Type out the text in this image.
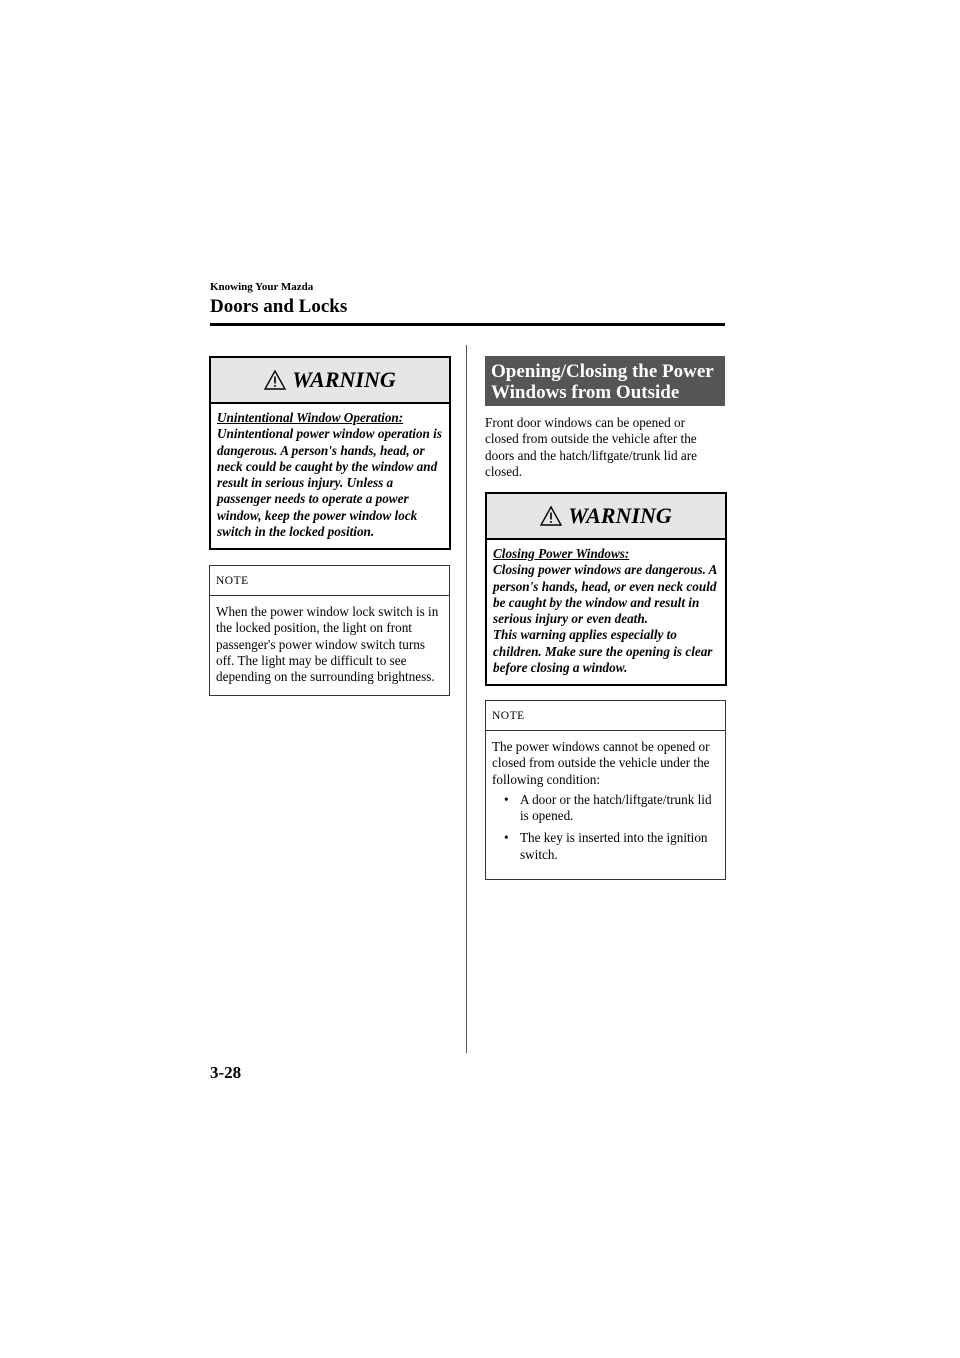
Knowing Your Mazda
Doors and Locks
WARNING
Unintentional Window Operation:
Unintentional power window operation is dangerous. A person's hands, head, or neck could be caught by the window and result in serious injury. Unless a passenger needs to operate a power window, keep the power window lock switch in the locked position.
NOTE
When the power window lock switch is in the locked position, the light on front passenger's power window switch turns off. The light may be difficult to see depending on the surrounding brightness.
Opening/Closing the Power Windows from Outside
Front door windows can be opened or closed from outside the vehicle after the doors and the hatch/liftgate/trunk lid are closed.
WARNING
Closing Power Windows:
Closing power windows are dangerous. A person's hands, head, or even neck could be caught by the window and result in serious injury or even death.
This warning applies especially to children. Make sure the opening is clear before closing a window.
NOTE
The power windows cannot be opened or closed from outside the vehicle under the following condition:
• A door or the hatch/liftgate/trunk lid is opened.
• The key is inserted into the ignition switch.
3-28
